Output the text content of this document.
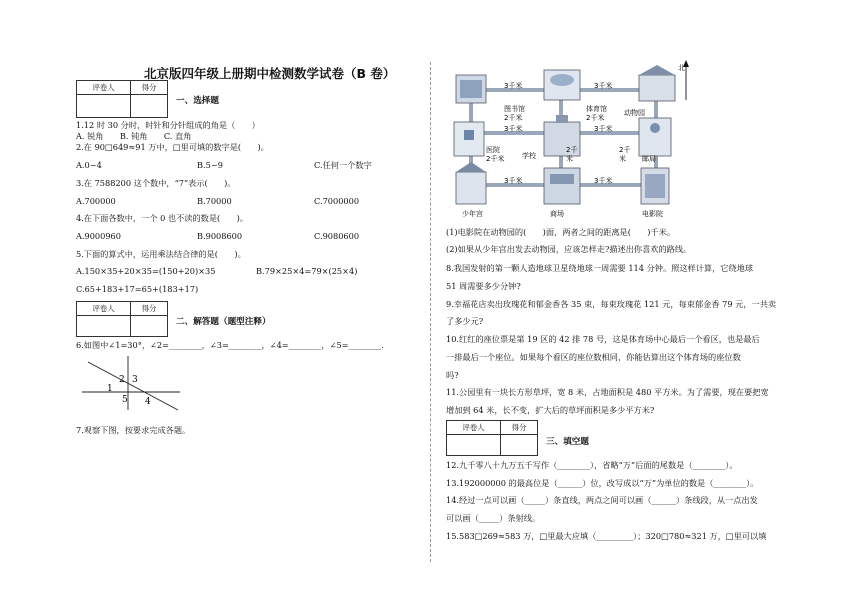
北京版四年级上册期中检测数学试卷（B 卷）
评卷人	得分

一、选择题
1.12 时 30 分时，时针和分针组成的角是（　　）
A. 锐角　　B. 钝角　　C. 直角
2.在 90□649≈91 万中，□里可填的数字是(　　)。
A.0~4	B.5~9	C.任何一个数字
3.在 7588200 这个数中，“7”表示(　　)。
A.700000	B.70000	C.7000000
4.在下面各数中，一个 0 也不读的数是(　　)。
A.9000960	B.9008600	C.9080600
5.下面的算式中，运用乘法结合律的是(　　)。
A.150×35+20×35=(150+20)×35	B.79×25×4=79×(25×4)
C.65+183+17=65+(183+17)
评卷人	得分

二、解答题（题型注释）
6.如图中∠1=30°，∠2=________，∠3=________，∠4=________，∠5=________.
2 3
1
5 4
7.观察下图，按要求完成各题。
北
3千米	3千米
3千米	3千米
3千米	3千米
2千
米
2千
米
图书馆
2千米
体育馆
2千米
动物园
医院
2千米	学校	邮局
少年宫	商场	电影院
(1)电影院在动物园的(　　)面，两者之间的距离是(　　)千米。
(2)如果从少年宫出发去动物园，应该怎样走?描述出你喜欢的路线。
8.我国发射的第一颗人造地球卫星绕地球一周需要 114 分钟。照这样计算，它绕地球
51 周需要多少分钟?
9.幸福花店卖出玫瑰花和郁金香各 35 束，每束玫瑰花 121 元，每束郁金香 79 元，一共卖
了多少元?
10.红红的座位票是第 19 区的 42 排 78 号，这是体育场中心最后一个看区，也是最后
一排最后一个座位。如果每个看区的座位数相同，你能估算出这个体育场的座位数
吗?
11.公园里有一块长方形草坪，宽 8 米，占地面积是 480 平方米。为了需要，现在要把宽
增加到 64 米，长不变，扩大后的草坪面积是多少平方米?
评卷人	得分

三、填空题
12.九千零八十九万五千写作（________），省略“万”后面的尾数是（________）。
13.192000000 的最高位是（______）位，改写成以“万”为单位的数是（________）。
14.经过一点可以画（_____）条直线，两点之间可以画（______）条线段，从一点出发
可以画（_____）条射线。
15.583□269≈583 万，□里最大应填（_________）；320□780≈321 万，□里可以填
